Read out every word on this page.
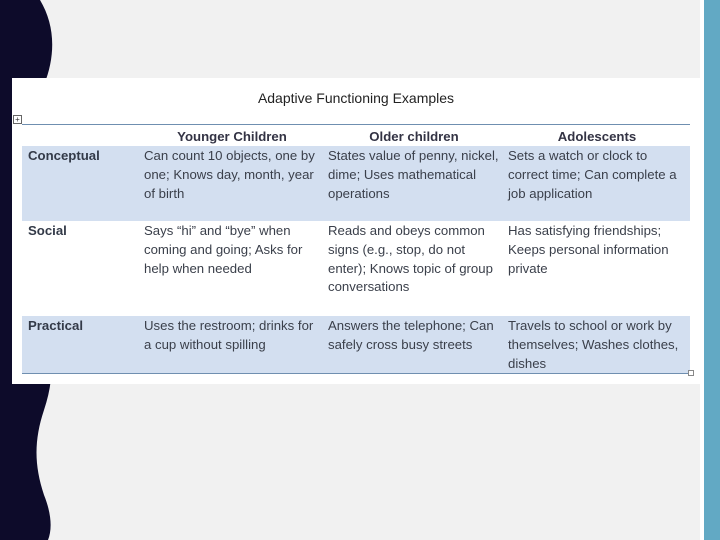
Adaptive Functioning Examples
+
	Younger Children	Older children	Adolescents
Conceptual	Can count 10 objects, one by one; Knows day, month, year of birth	States value of penny, nickel, dime; Uses mathematical operations	Sets a watch or clock to correct time; Can complete a job application
Social	Says “hi” and “bye” when coming and going; Asks for help when needed	Reads and obeys common signs (e.g., stop, do not enter); Knows topic of group conversations	Has satisfying friendships; Keeps personal information private
Practical	Uses the restroom; drinks for a cup without spilling	Answers the telephone; Can safely cross busy streets	Travels to school or work by themselves; Washes clothes, dishes
